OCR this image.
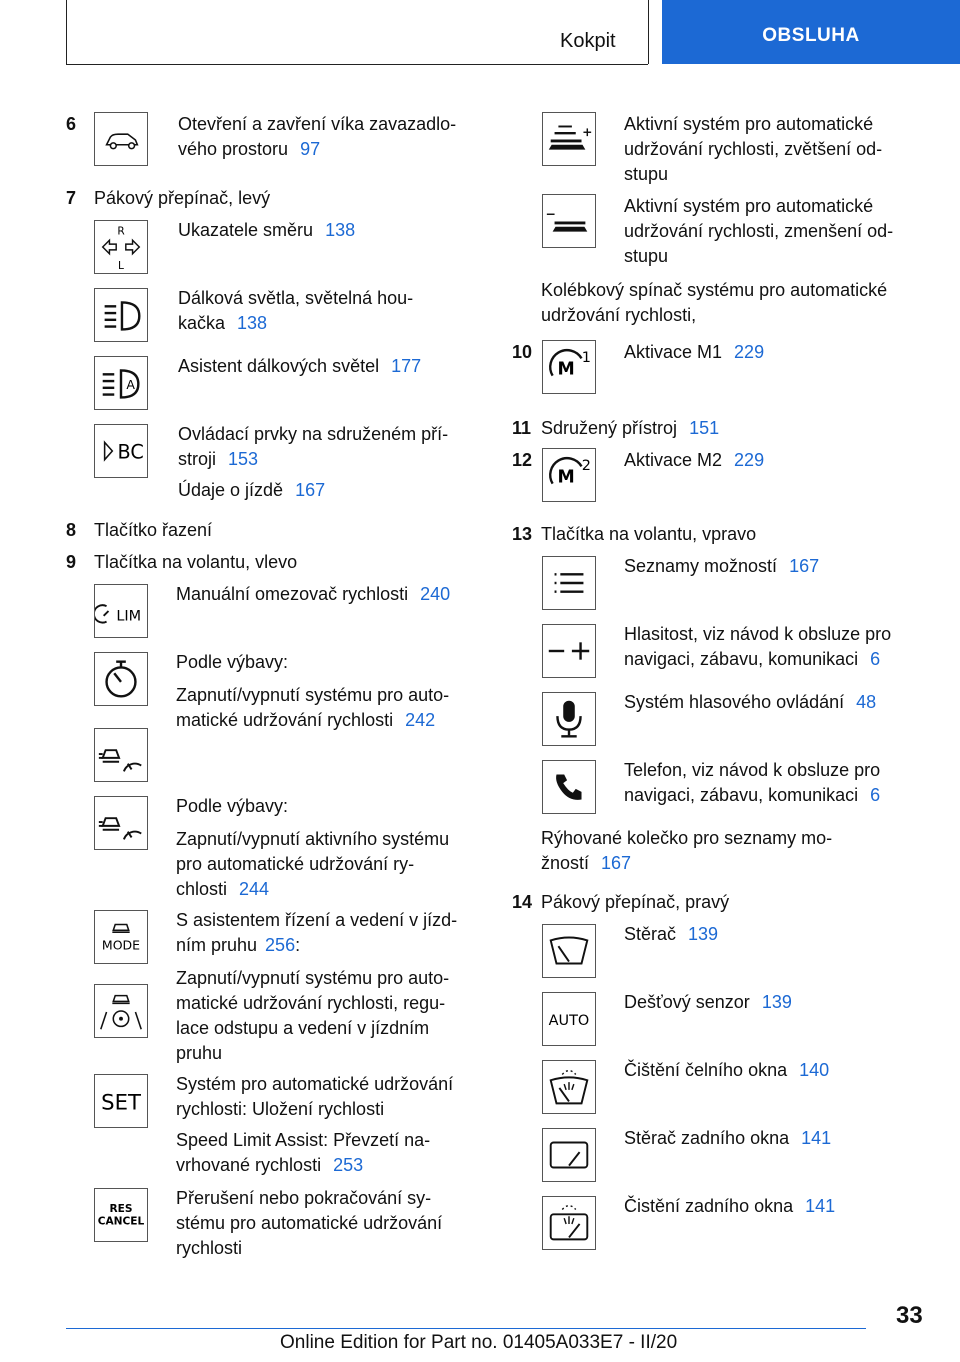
Kokpit	OBSLUHA
6	Otevření a zavření víka zavazadlo-
vého prostoru 97
7 Pákový přepínač, levý
R
L
Ukazatele směru 138
Dálková světla, světelná hou-
kačka 138
A
Asistent dálkových světel 177
BC
Ovládací prvky na sdruženém pří-
stroji 153
Údaje o jízdě 167
8 Tlačítko řazení
9 Tlačítka na volantu, vlevo
LIM
Manuální omezovač rychlosti 240
Podle výbavy:
Zapnutí/vypnutí systému pro auto-
matické udržování rychlosti 242
Podle výbavy:
Zapnutí/vypnutí aktivního systému
pro automatické udržování ry-
chlosti 244
MODE
S asistentem řízení a vedení v jízd-
ním pruhu 256:
Zapnutí/vypnutí systému pro auto-
matické udržování rychlosti, regu-
lace odstupu a vedení v jízdním
pruhu
SET
Systém pro automatické udržování
rychlosti: Uložení rychlosti
Speed Limit Assist: Převzetí na-
vrhované rychlosti 253
RES
CANCEL
Přerušení nebo pokračování sy-
stému pro automatické udržování
rychlosti
Aktivní systém pro automatické
udržování rychlosti, zvětšení od-
stupu
Aktivní systém pro automatické
udržování rychlosti, zmenšení od-
stupu
Kolébkový spínač systému pro automatické
udržování rychlosti,
10
M
1 Aktivace M1 229
11 Sdružený přístroj 151
12
M
2 Aktivace M2 229
13 Tlačítka na volantu, vpravo
Seznamy možností 167
Hlasitost, viz návod k obsluze pro
navigaci, zábavu, komunikaci 6
Systém hlasového ovládání 48
Telefon, viz návod k obsluze pro
navigaci, zábavu, komunikaci 6
Rýhované kolečko pro seznamy mo-
žností 167
14 Pákový přepínač, pravý
Stěrač 139
AUTO
Dešťový senzor 139
Čištění čelního okna 140
Stěrač zadního okna 141
Čistění zadního okna 141
33
Online Edition for Part no. 01405A033E7 - II/20
